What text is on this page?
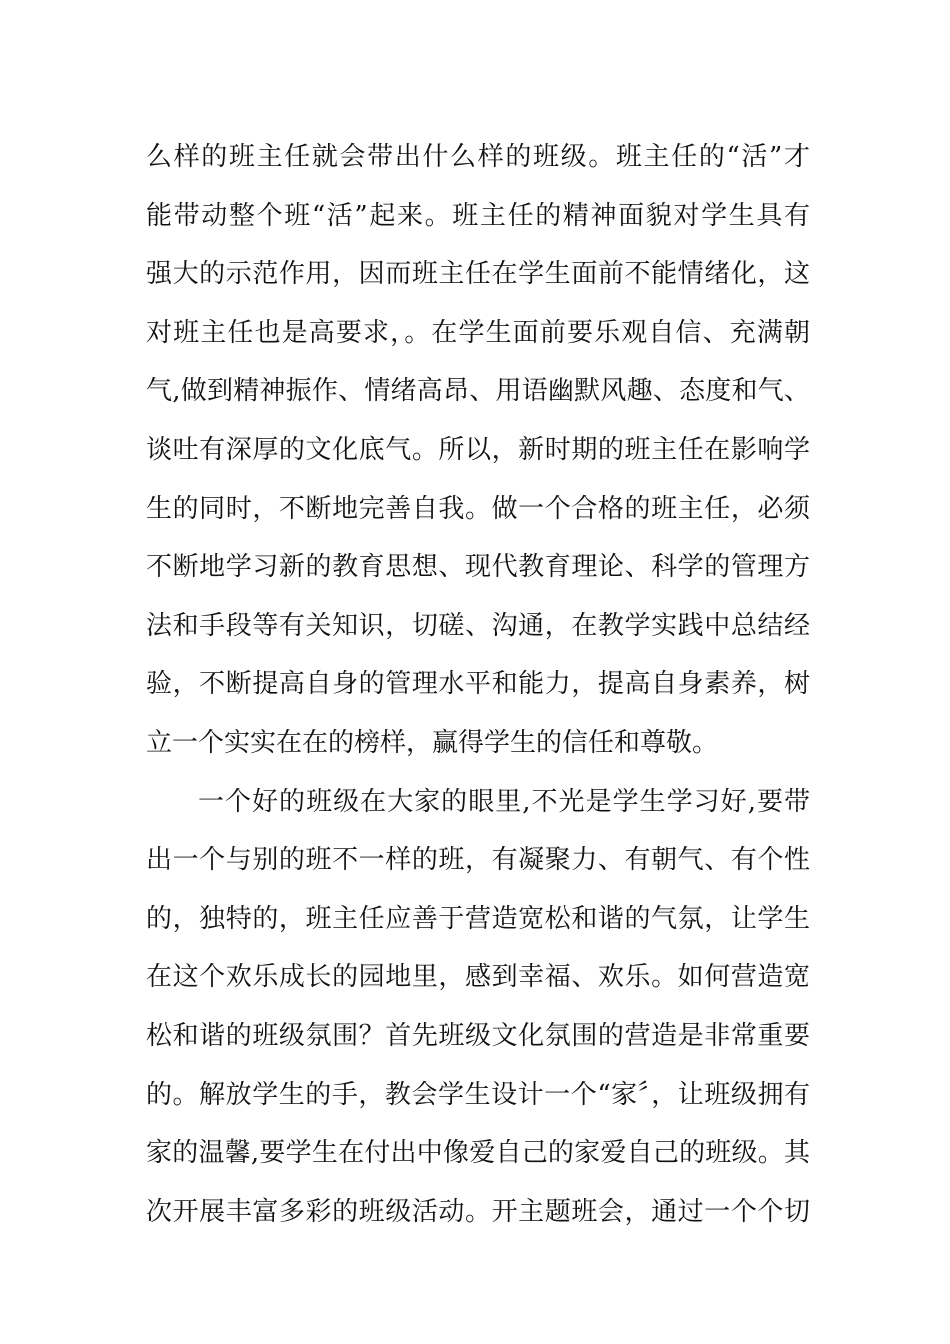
么样的班主任就会带出什么样的班级。班主任的“活”才
能带动整个班“活”起来。班主任的精神面貌对学生具有
强大的示范作用，因而班主任在学生面前不能情绪化，这
对班主任也是高要求，。在学生面前要乐观自信、充满朝
气,做到精神振作、情绪高昂、用语幽默风趣、态度和气、
谈吐有深厚的文化底气。所以，新时期的班主任在影响学
生的同时，不断地完善自我。做一个合格的班主任，必须
不断地学习新的教育思想、现代教育理论、科学的管理方
法和手段等有关知识，切磋、沟通，在教学实践中总结经
验，不断提高自身的管理水平和能力，提高自身素养，树
立一个实实在在的榜样，赢得学生的信任和尊敬。
一个好的班级在大家的眼里,不光是学生学习好,要带
出一个与别的班不一样的班，有凝聚力、有朝气、有个性
的，独特的，班主任应善于营造宽松和谐的气氛，让学生
在这个欢乐成长的园地里，感到幸福、欢乐。如何营造宽
松和谐的班级氛围？首先班级文化氛围的营造是非常重要
的。解放学生的手，教会学生设计一个“家〞，让班级拥有
家的温馨,要学生在付出中像爱自己的家爱自己的班级。其
次开展丰富多彩的班级活动。开主题班会，通过一个个切
